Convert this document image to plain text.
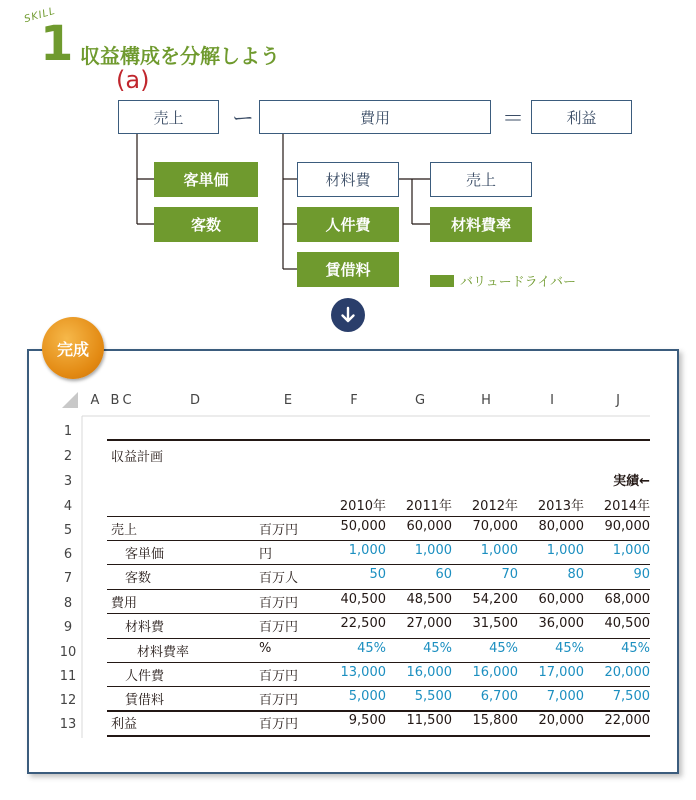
SKILL
1 収益構成を分解しよう
(a)
売上	ー	費用	＝	利益
客単価
客数
材料費
人件費
賃借料
売上
材料費率
バリュードライバー
完成
A B C	D	E	F	G	H	I	J
1
2
3
4
5
6
7
8
9
10
11
12
13
収益計画
実績←
2010年	2011年	2012年	2013年	2014年
売上	百万円	50,000	60,000	70,000	80,000	90,000
客単価	円	1,000	1,000	1,000	1,000	1,000
客数	百万人	50	60	70	80	90
費用	百万円	40,500	48,500	54,200	60,000	68,000
材料費	百万円	22,500	27,000	31,500	36,000	40,500
材料費率	%	45%	45%	45%	45%	45%
人件費	百万円	13,000	16,000	16,000	17,000	20,000
賃借料	百万円	5,000	5,500	6,700	7,000	7,500
利益	百万円	9,500	11,500	15,800	20,000	22,000
